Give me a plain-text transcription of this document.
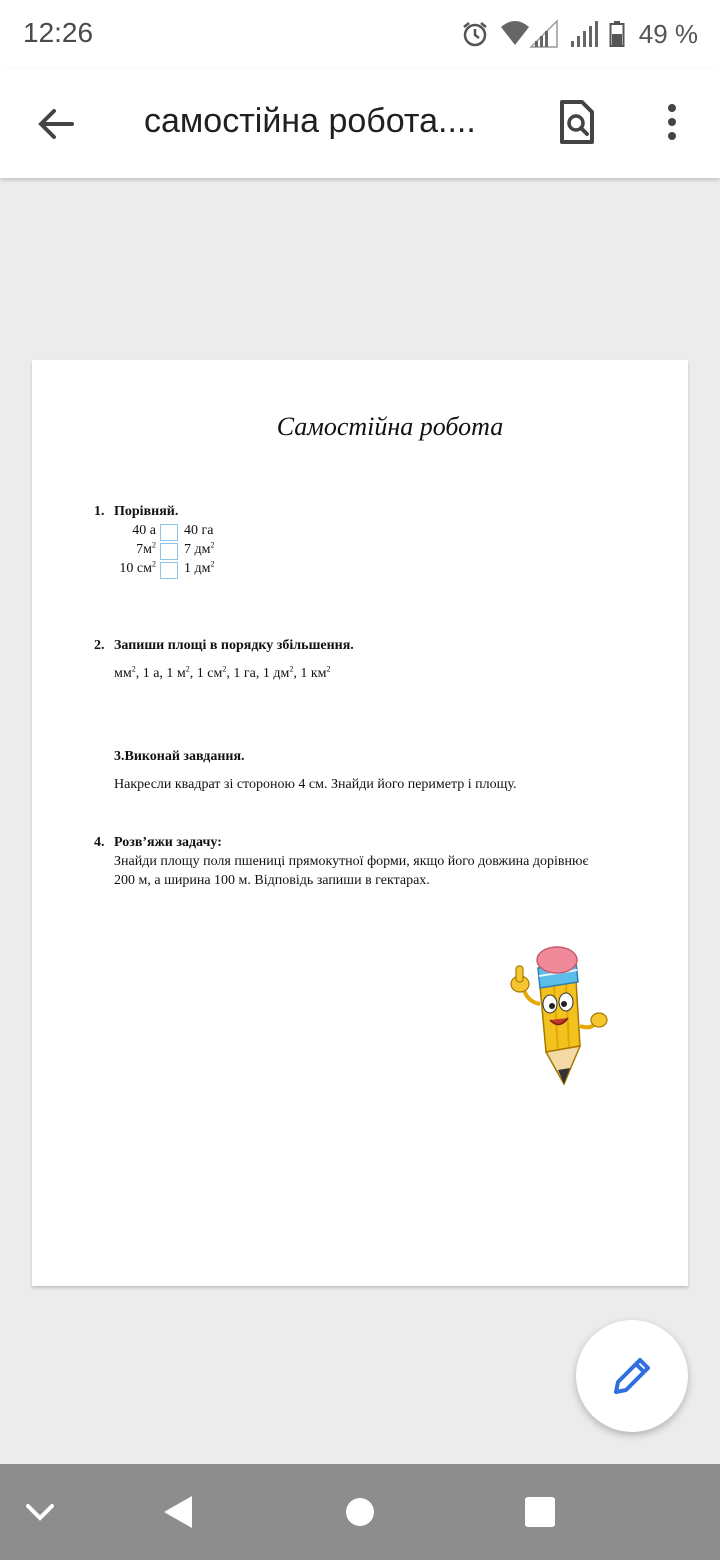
12:26	49 %
самостійна робота....
Самостійна робота
1. Порівняй.
40 а 40 га
$7м^2$ 7 $дм^2$
10 $см^2$ 1 $дм^2$
2. Запиши площі в порядку збільшення.
$мм^2$, 1 а, 1 $м^2$, 1 $см^2$, 1 га, 1 $дм^2$, 1 $км^2$
3.Виконай завдання.
Накресли квадрат зі стороною 4 см. Знайди його периметр і площу.
4. Розв’яжи задачу:
Знайди площу поля пшениці прямокутної форми, якщо його довжина дорівнює
200 м, а ширина 100 м. Відповідь запиши в гектарах.
